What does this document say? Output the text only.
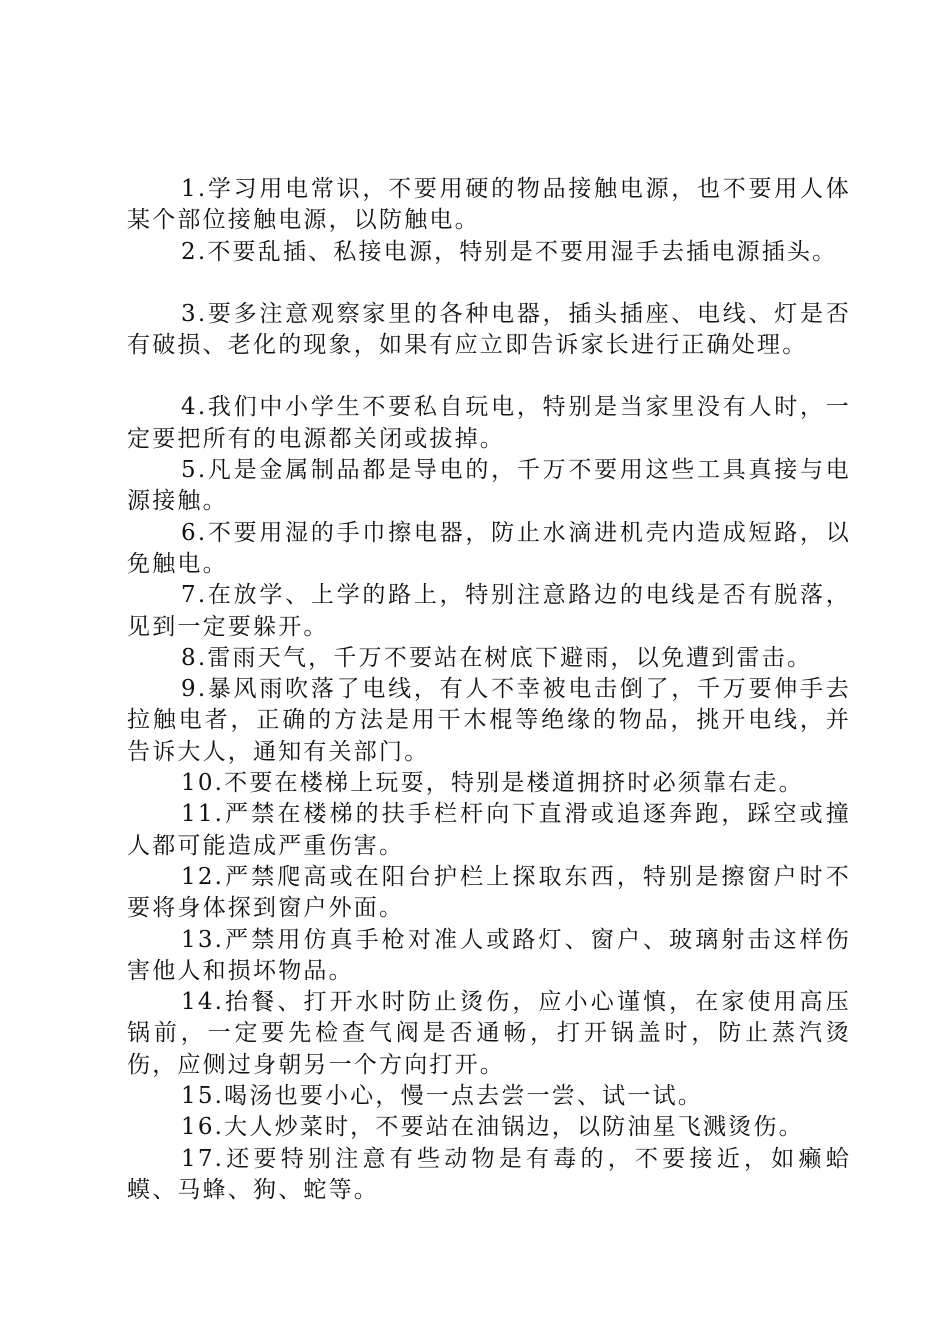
1.学习用电常识，不要用硬的物品接触电源，也不要用人体某个部位接触电源，以防触电。

2.不要乱插、私接电源，特别是不要用湿手去插电源插头。

3.要多注意观察家里的各种电器，插头插座、电线、灯是否有破损、老化的现象，如果有应立即告诉家长进行正确处理。

4.我们中小学生不要私自玩电，特别是当家里没有人时，一定要把所有的电源都关闭或拔掉。

5.凡是金属制品都是导电的，千万不要用这些工具真接与电源接触。

6.不要用湿的手巾擦电器，防止水滴进机壳内造成短路，以免触电。

7.在放学、上学的路上，特别注意路边的电线是否有脱落，见到一定要躲开。

8.雷雨天气，千万不要站在树底下避雨，以免遭到雷击。

9.暴风雨吹落了电线，有人不幸被电击倒了，千万要伸手去拉触电者，正确的方法是用干木棍等绝缘的物品，挑开电线，并告诉大人，通知有关部门。

10.不要在楼梯上玩耍，特别是楼道拥挤时必须靠右走。

11.严禁在楼梯的扶手栏杆向下直滑或追逐奔跑，踩空或撞人都可能造成严重伤害。

12.严禁爬高或在阳台护栏上探取东西，特别是擦窗户时不要将身体探到窗户外面。

13.严禁用仿真手枪对准人或路灯、窗户、玻璃射击这样伤害他人和损坏物品。

14.抬餐、打开水时防止烫伤，应小心谨慎，在家使用高压锅前，一定要先检查气阀是否通畅，打开锅盖时，防止蒸汽烫伤，应侧过身朝另一个方向打开。

15.喝汤也要小心，慢一点去尝一尝、试一试。

16.大人炒菜时，不要站在油锅边，以防油星飞溅烫伤。

17.还要特别注意有些动物是有毒的，不要接近，如癞蛤蟆、马蜂、狗、蛇等。
